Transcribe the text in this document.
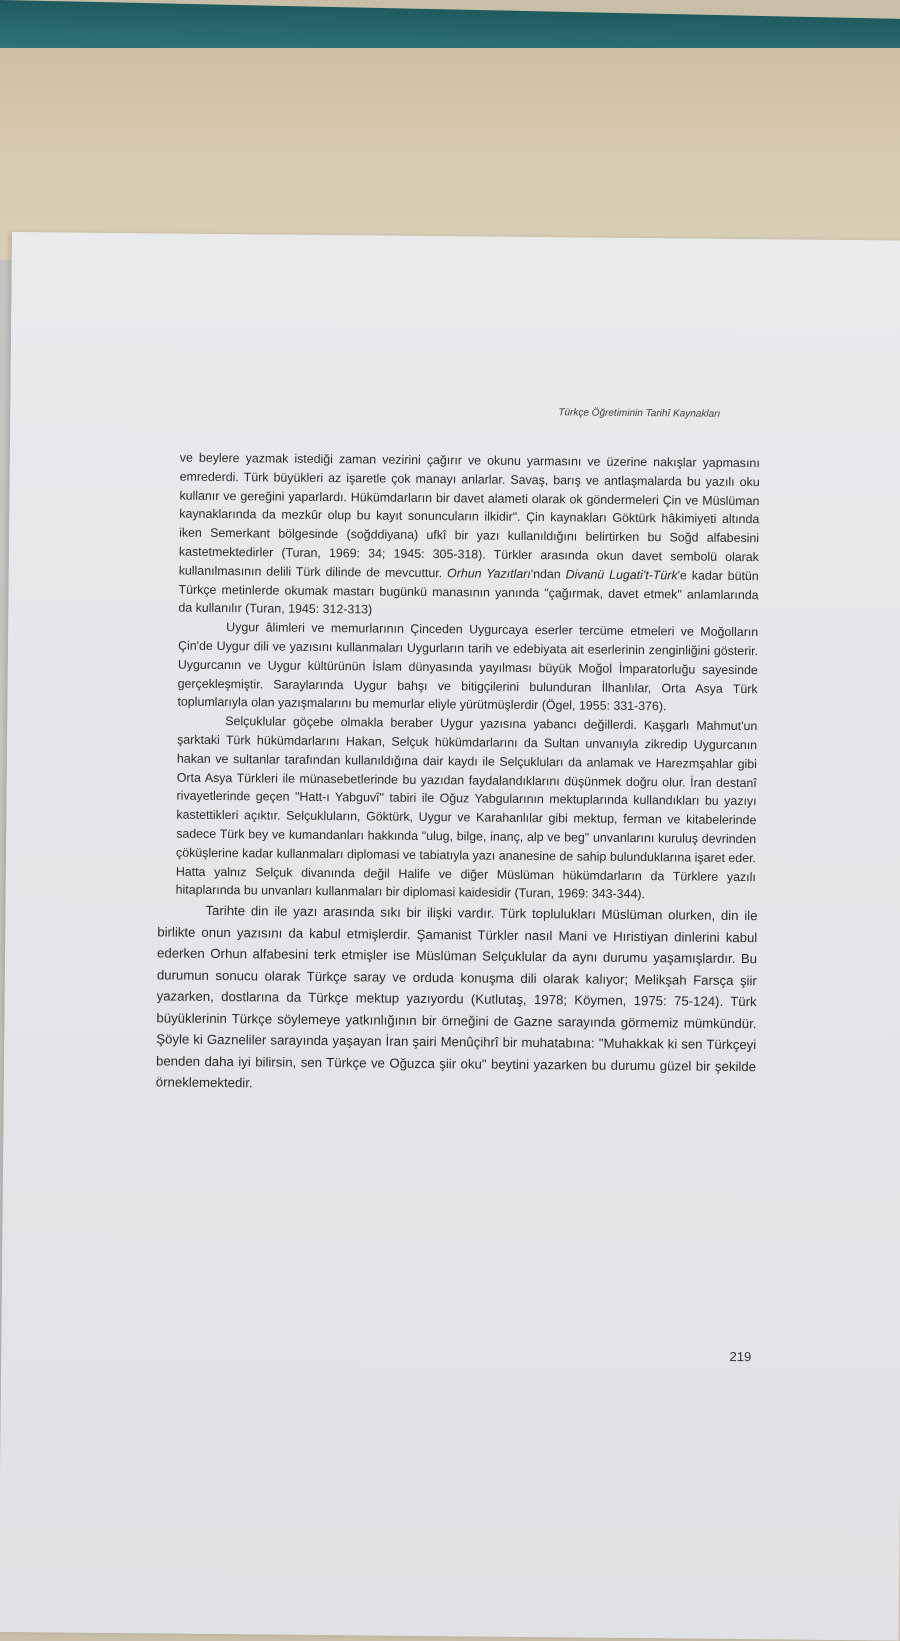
Türkçe Öğretiminin Tarihî Kaynakları

ve beylere yazmak istediği zaman vezirini çağırır ve okunu yarmasını ve üzerine nakışlar yapmasını emrederdi. Türk büyükleri az işaretle çok manayı anlarlar. Savaş, barış ve antlaşmalarda bu yazılı oku kullanır ve gereğini yaparlardı. Hükümdarların bir davet alameti olarak ok göndermeleri Çin ve Müslüman kaynaklarında da mezkûr olup bu kayıt sonuncuların ilkidir". Çin kaynakları Göktürk hâkimiyeti altında iken Semerkant bölgesinde (soğddiyana) ufkî bir yazı kullanıldığını belirtirken bu Soğd alfabesini kastetmektedirler (Turan, 1969: 34; 1945: 305-318). Türkler arasında okun davet sembolü olarak kullanılmasının delili Türk dilinde de mevcuttur. Orhun Yazıtları'ndan Divanü Lugati't-Türk'e kadar bütün Türkçe metinlerde okumak mastarı bugünkü manasının yanında "çağırmak, davet etmek" anlamlarında da kullanılır (Turan, 1945: 312-313)

Uygur âlimleri ve memurlarının Çinceden Uygurcaya eserler tercüme etmeleri ve Moğolların Çin'de Uygur dili ve yazısını kullanmaları Uygurların tarih ve edebiyata ait eserlerinin zenginliğini gösterir. Uygurcanın ve Uygur kültürünün İslam dünyasında yayılması büyük Moğol İmparatorluğu sayesinde gerçekleşmiştir. Saraylarında Uygur bahşı ve bitigçilerini bulunduran İlhanlılar, Orta Asya Türk toplumlarıyla olan yazışmalarını bu memurlar eliyle yürütmüşlerdir (Ögel, 1955: 331-376).

Selçuklular göçebe olmakla beraber Uygur yazısına yabancı değillerdi. Kaşgarlı Mahmut'un şarktaki Türk hükümdarlarını Hakan, Selçuk hükümdarlarını da Sultan unvanıyla zikredip Uygurcanın hakan ve sultanlar tarafından kullanıldığına dair kaydı ile Selçukluları da anlamak ve Harezmşahlar gibi Orta Asya Türkleri ile münasebetlerinde bu yazıdan faydalandıklarını düşünmek doğru olur. İran destanî rivayetlerinde geçen "Hatt-ı Yabguvî" tabiri ile Oğuz Yabgularının mektuplarında kullandıkları bu yazıyı kastettikleri açıktır. Selçukluların, Göktürk, Uygur ve Karahanlılar gibi mektup, ferman ve kitabelerinde sadece Türk bey ve kumandanları hakkında "ulug, bilge, inanç, alp ve beg" unvanlarını kuruluş devrinden çöküşlerine kadar kullanmaları diplomasi ve tabiatıyla yazı ananesine de sahip bulunduklarına işaret eder. Hatta yalnız Selçuk divanında değil Halife ve diğer Müslüman hükümdarların da Türklere yazılı hitaplarında bu unvanları kullanmaları bir diplomasi kaidesidir (Turan, 1969: 343-344).

Tarihte din ile yazı arasında sıkı bir ilişki vardır. Türk toplulukları Müslüman olurken, din ile birlikte onun yazısını da kabul etmişlerdir. Şamanist Türkler nasıl Mani ve Hıristiyan dinlerini kabul ederken Orhun alfabesini terk etmişler ise Müslüman Selçuklular da aynı durumu yaşamışlardır. Bu durumun sonucu olarak Türkçe saray ve orduda konuşma dili olarak kalıyor; Melikşah Farsça şiir yazarken, dostlarına da Türkçe mektup yazıyordu (Kutlutaş, 1978; Köymen, 1975: 75-124). Türk büyüklerinin Türkçe söylemeye yatkınlığının bir örneğini de Gazne sarayında görmemiz mümkündür. Şöyle ki Gazneliler sarayında yaşayan İran şairi Menûçihrî bir muhatabına: "Muhakkak ki sen Türkçeyi benden daha iyi bilirsin, sen Türkçe ve Oğuzca şiir oku" beytini yazarken bu durumu güzel bir şekilde örneklemektedir.

219
